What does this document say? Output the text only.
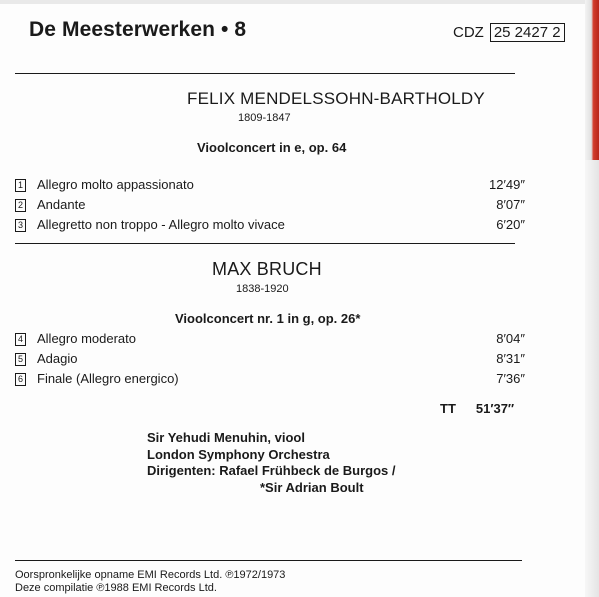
De Meesterwerken • 8	CDZ 25 2427 2
FELIX MENDELSSOHN-BARTHOLDY
1809-1847
Vioolconcert in e, op. 64
1 Allegro molto appassionato	12′49″
2 Andante	8′07″
3 Allegretto non troppo - Allegro molto vivace	6′20″
MAX BRUCH
1838-1920
Vioolconcert nr. 1 in g, op. 26*
4 Allegro moderato	8′04″
5 Adagio	8′31″
6 Finale (Allegro energico)	7′36″
TT 51′37″
Sir Yehudi Menuhin, viool
London Symphony Orchestra
Dirigenten: Rafael Frühbeck de Burgos /
*Sir Adrian Boult
Oorspronkelijke opname EMI Records Ltd. ℗1972/1973
Deze compilatie ℗1988 EMI Records Ltd.
